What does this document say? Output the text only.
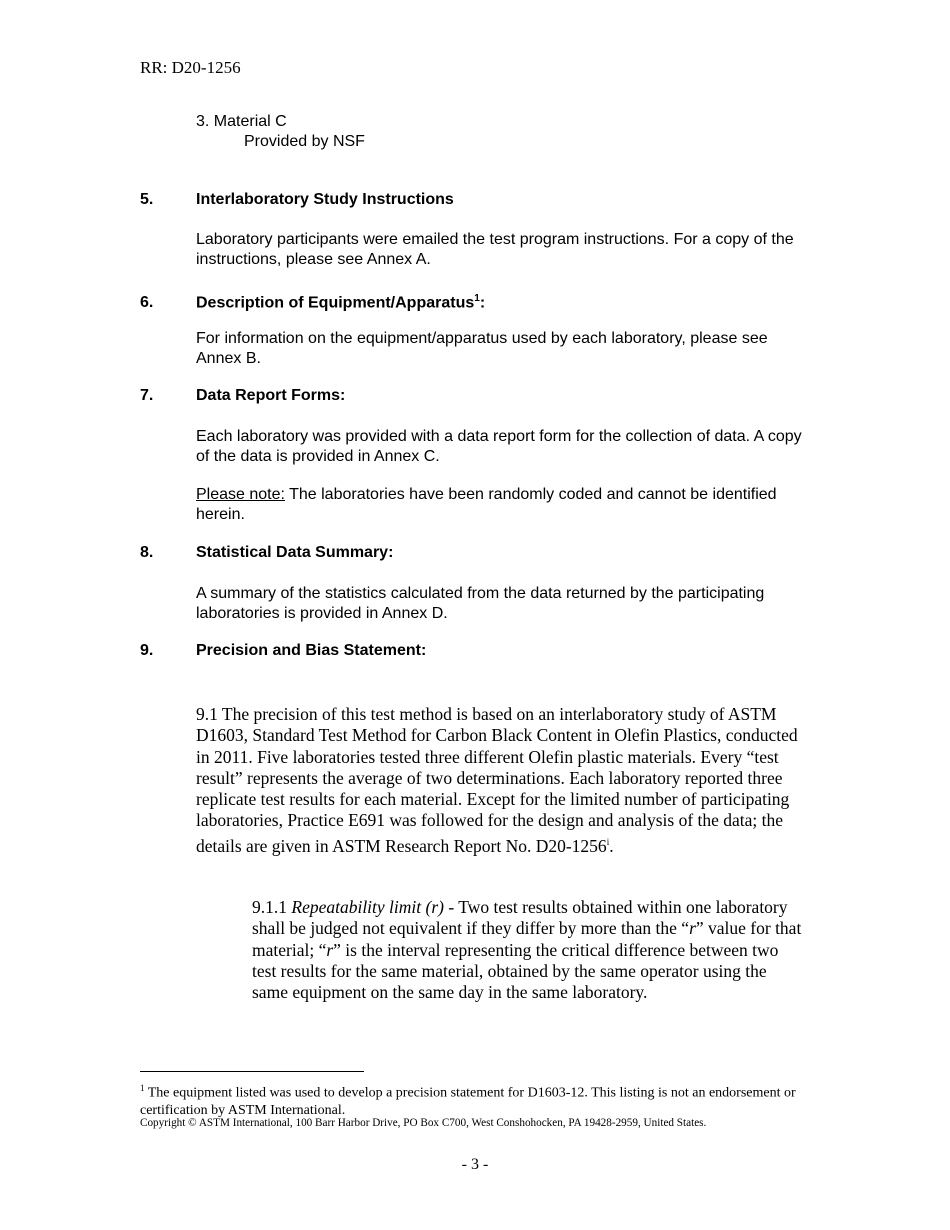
RR: D20-1256
3. Material C
Provided by NSF
5.	Interlaboratory Study Instructions
Laboratory participants were emailed the test program instructions. For a copy of the instructions, please see Annex A.
6.	Description of Equipment/Apparatus$^1$:
For information on the equipment/apparatus used by each laboratory, please see Annex B.
7.	Data Report Forms:
Each laboratory was provided with a data report form for the collection of data. A copy of the data is provided in Annex C.
Please note: The laboratories have been randomly coded and cannot be identified herein.
8.	Statistical Data Summary:
A summary of the statistics calculated from the data returned by the participating laboratories is provided in Annex D.
9.	Precision and Bias Statement:
9.1 The precision of this test method is based on an interlaboratory study of ASTM D1603, Standard Test Method for Carbon Black Content in Olefin Plastics, conducted in 2011. Five laboratories tested three different Olefin plastic materials. Every “test result” represents the average of two determinations. Each laboratory reported three replicate test results for each material. Except for the limited number of participating laboratories, Practice E691 was followed for the design and analysis of the data; the details are given in ASTM Research Report No. D20-1256$^i$.
9.1.1 Repeatability limit (r) - Two test results obtained within one laboratory shall be judged not equivalent if they differ by more than the “r” value for that material; “r” is the interval representing the critical difference between two test results for the same material, obtained by the same operator using the same equipment on the same day in the same laboratory.
$^1$ The equipment listed was used to develop a precision statement for D1603-12. This listing is not an endorsement or certification by ASTM International.
Copyright © ASTM International, 100 Barr Harbor Drive, PO Box C700, West Conshohocken, PA 19428-2959, United States.
- 3 -
